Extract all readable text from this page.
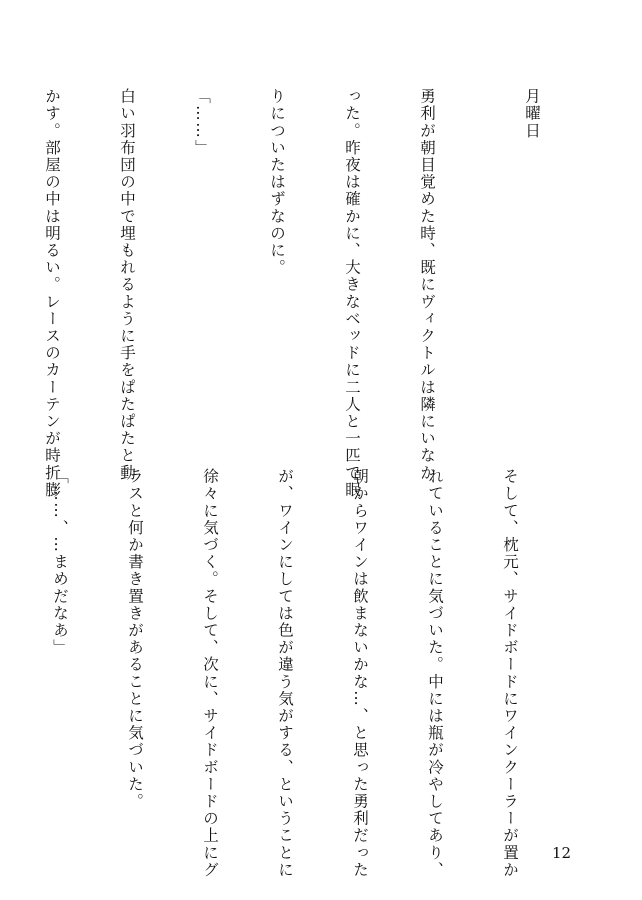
月曜日

勇利が朝目覚めた時、既にヴィクトルは隣にいなか

った。昨夜は確かに、大きなベッドに二人と一匹で眠

りについたはずなのに。

「……」

白い羽布団の中で埋もれるように手をぱたぱたと動

かす。部屋の中は明るい。レースのカーテンが時折膨

そして、枕元、サイドボードにワインクーラーが置か

れていることに気づいた。中には瓶が冷やしてあり、

朝からワインは飲まないかな…、と思った勇利だった

が、ワインにしては色が違う気がする、ということに

徐々に気づく。そして、次に、サイドボードの上にグ

ラスと何か書き置きがあることに気づいた。

「……、…まめだなあ」

12
